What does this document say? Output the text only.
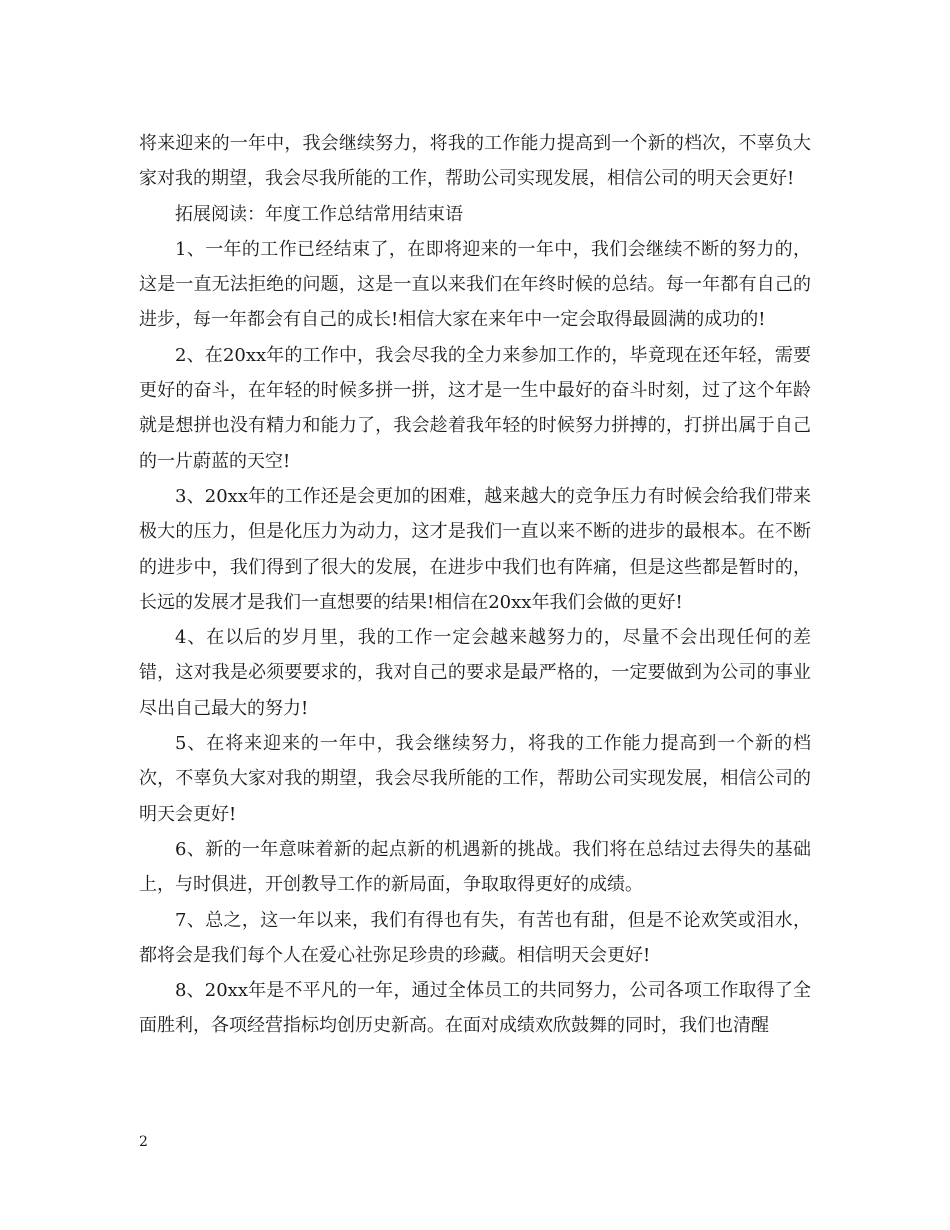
将来迎来的一年中，我会继续努力，将我的工作能力提高到一个新的档次，不辜负大家对我的期望，我会尽我所能的工作，帮助公司实现发展，相信公司的明天会更好!

拓展阅读：年度工作总结常用结束语

1、一年的工作已经结束了，在即将迎来的一年中，我们会继续不断的努力的，这是一直无法拒绝的问题，这是一直以来我们在年终时候的总结。每一年都有自己的进步，每一年都会有自己的成长!相信大家在来年中一定会取得最圆满的成功的!

2、在20xx年的工作中，我会尽我的全力来参加工作的，毕竟现在还年轻，需要更好的奋斗，在年轻的时候多拼一拼，这才是一生中最好的奋斗时刻，过了这个年龄就是想拼也没有精力和能力了，我会趁着我年轻的时候努力拼搏的，打拼出属于自己的一片蔚蓝的天空!

3、20xx年的工作还是会更加的困难，越来越大的竞争压力有时候会给我们带来极大的压力，但是化压力为动力，这才是我们一直以来不断的进步的最根本。在不断的进步中，我们得到了很大的发展，在进步中我们也有阵痛，但是这些都是暂时的，长远的发展才是我们一直想要的结果!相信在20xx年我们会做的更好!

4、在以后的岁月里，我的工作一定会越来越努力的，尽量不会出现任何的差错，这对我是必须要要求的，我对自己的要求是最严格的，一定要做到为公司的事业尽出自己最大的努力!

5、在将来迎来的一年中，我会继续努力，将我的工作能力提高到一个新的档次，不辜负大家对我的期望，我会尽我所能的工作，帮助公司实现发展，相信公司的明天会更好!

6、新的一年意味着新的起点新的机遇新的挑战。我们将在总结过去得失的基础上，与时俱进，开创教导工作的新局面，争取取得更好的成绩。

7、总之，这一年以来，我们有得也有失，有苦也有甜，但是不论欢笑或泪水，都将会是我们每个人在爱心社弥足珍贵的珍藏。相信明天会更好!

8、20xx年是不平凡的一年，通过全体员工的共同努力，公司各项工作取得了全面胜利，各项经营指标均创历史新高。在面对成绩欢欣鼓舞的同时，我们也清醒

2
